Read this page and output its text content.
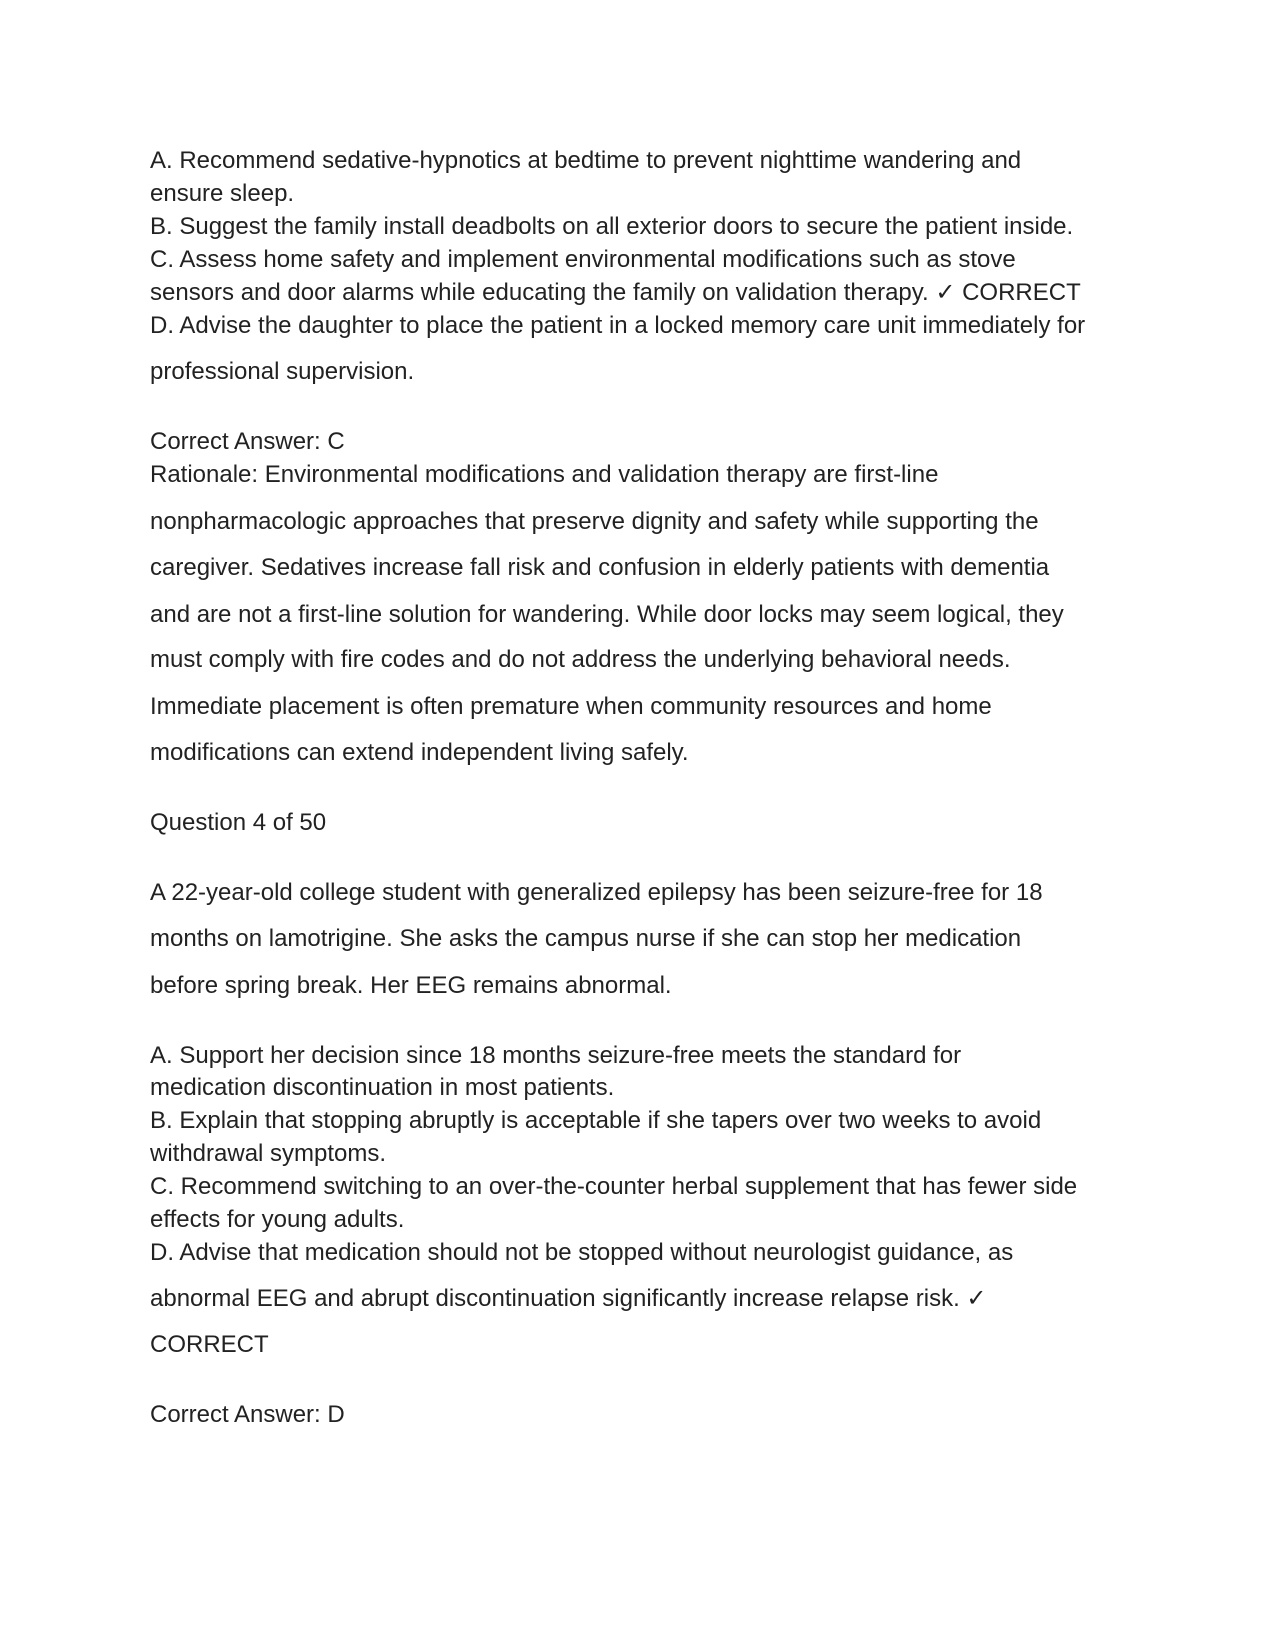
A. Recommend sedative-hypnotics at bedtime to prevent nighttime wandering and
ensure sleep.
B. Suggest the family install deadbolts on all exterior doors to secure the patient inside.
C. Assess home safety and implement environmental modifications such as stove
sensors and door alarms while educating the family on validation therapy. ✓ CORRECT
D. Advise the daughter to place the patient in a locked memory care unit immediately for
professional supervision.
Correct Answer: C
Rationale: Environmental modifications and validation therapy are first-line
nonpharmacologic approaches that preserve dignity and safety while supporting the
caregiver. Sedatives increase fall risk and confusion in elderly patients with dementia
and are not a first-line solution for wandering. While door locks may seem logical, they
must comply with fire codes and do not address the underlying behavioral needs.
Immediate placement is often premature when community resources and home
modifications can extend independent living safely.
Question 4 of 50
A 22-year-old college student with generalized epilepsy has been seizure-free for 18
months on lamotrigine. She asks the campus nurse if she can stop her medication
before spring break. Her EEG remains abnormal.
A. Support her decision since 18 months seizure-free meets the standard for
medication discontinuation in most patients.
B. Explain that stopping abruptly is acceptable if she tapers over two weeks to avoid
withdrawal symptoms.
C. Recommend switching to an over-the-counter herbal supplement that has fewer side
effects for young adults.
D. Advise that medication should not be stopped without neurologist guidance, as
abnormal EEG and abrupt discontinuation significantly increase relapse risk. ✓
CORRECT
Correct Answer: D
